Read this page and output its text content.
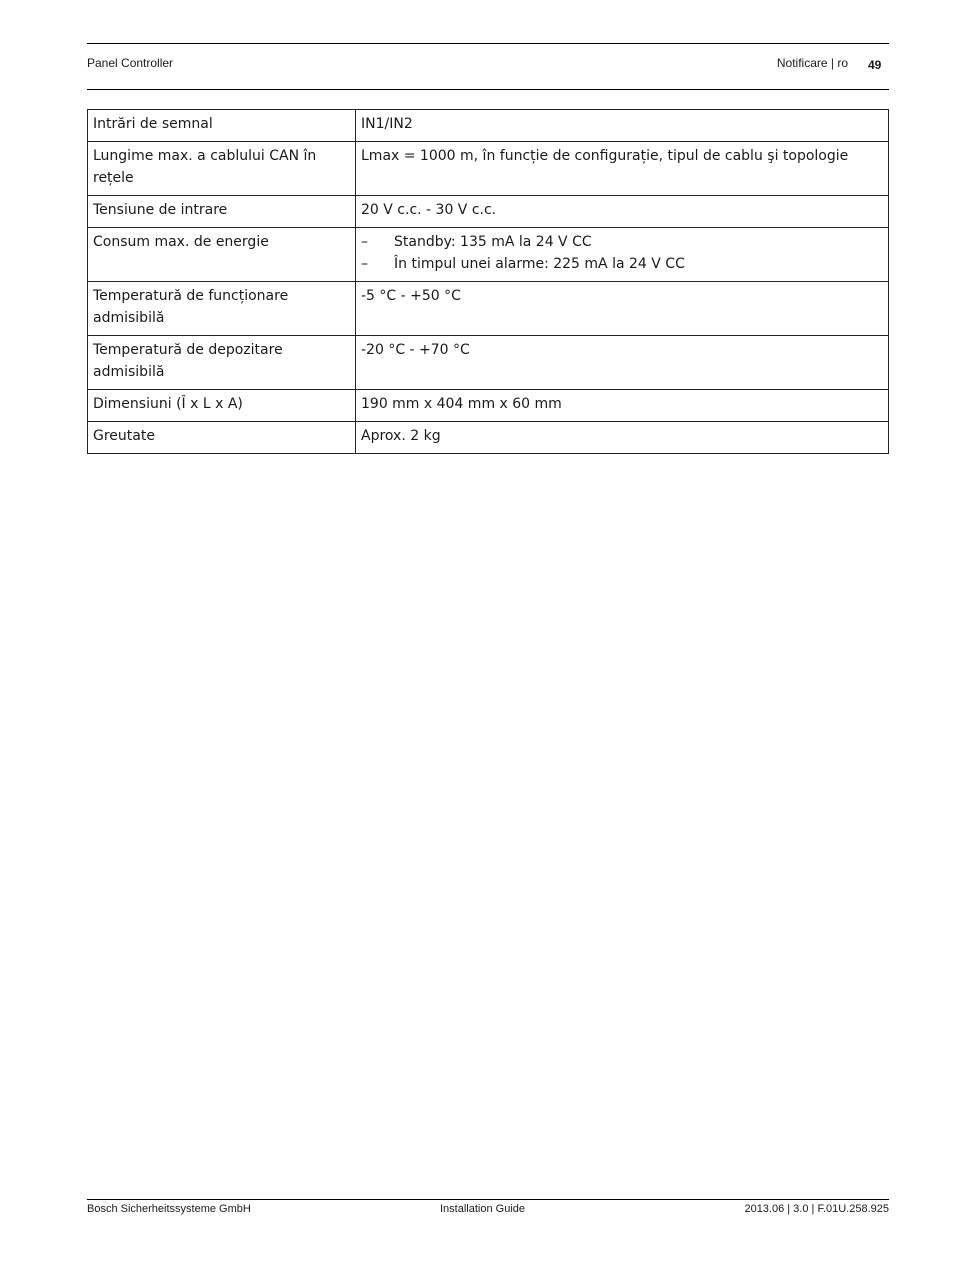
Panel Controller	Notificare | ro 49
Intrări de semnal	IN1/IN2
Lungime max. a cablului CAN în rețele	Lmax = 1000 m, în funcție de configurație, tipul de cablu şi topologie
Tensiune de intrare	20 V c.c. - 30 V c.c.
Consum max. de energie	– Standby: 135 mA la 24 V CC
– În timpul unei alarme: 225 mA la 24 V CC

Temperatură de funcționare admisibilă	-5 °C - +50 °C
Temperatură de depozitare admisibilă	-20 °C - +70 °C
Dimensiuni (Î x L x A)	190 mm x 404 mm x 60 mm
Greutate	Aprox. 2 kg
Bosch Sicherheitssysteme GmbH	Installation Guide	2013.06 | 3.0 | F.01U.258.925
